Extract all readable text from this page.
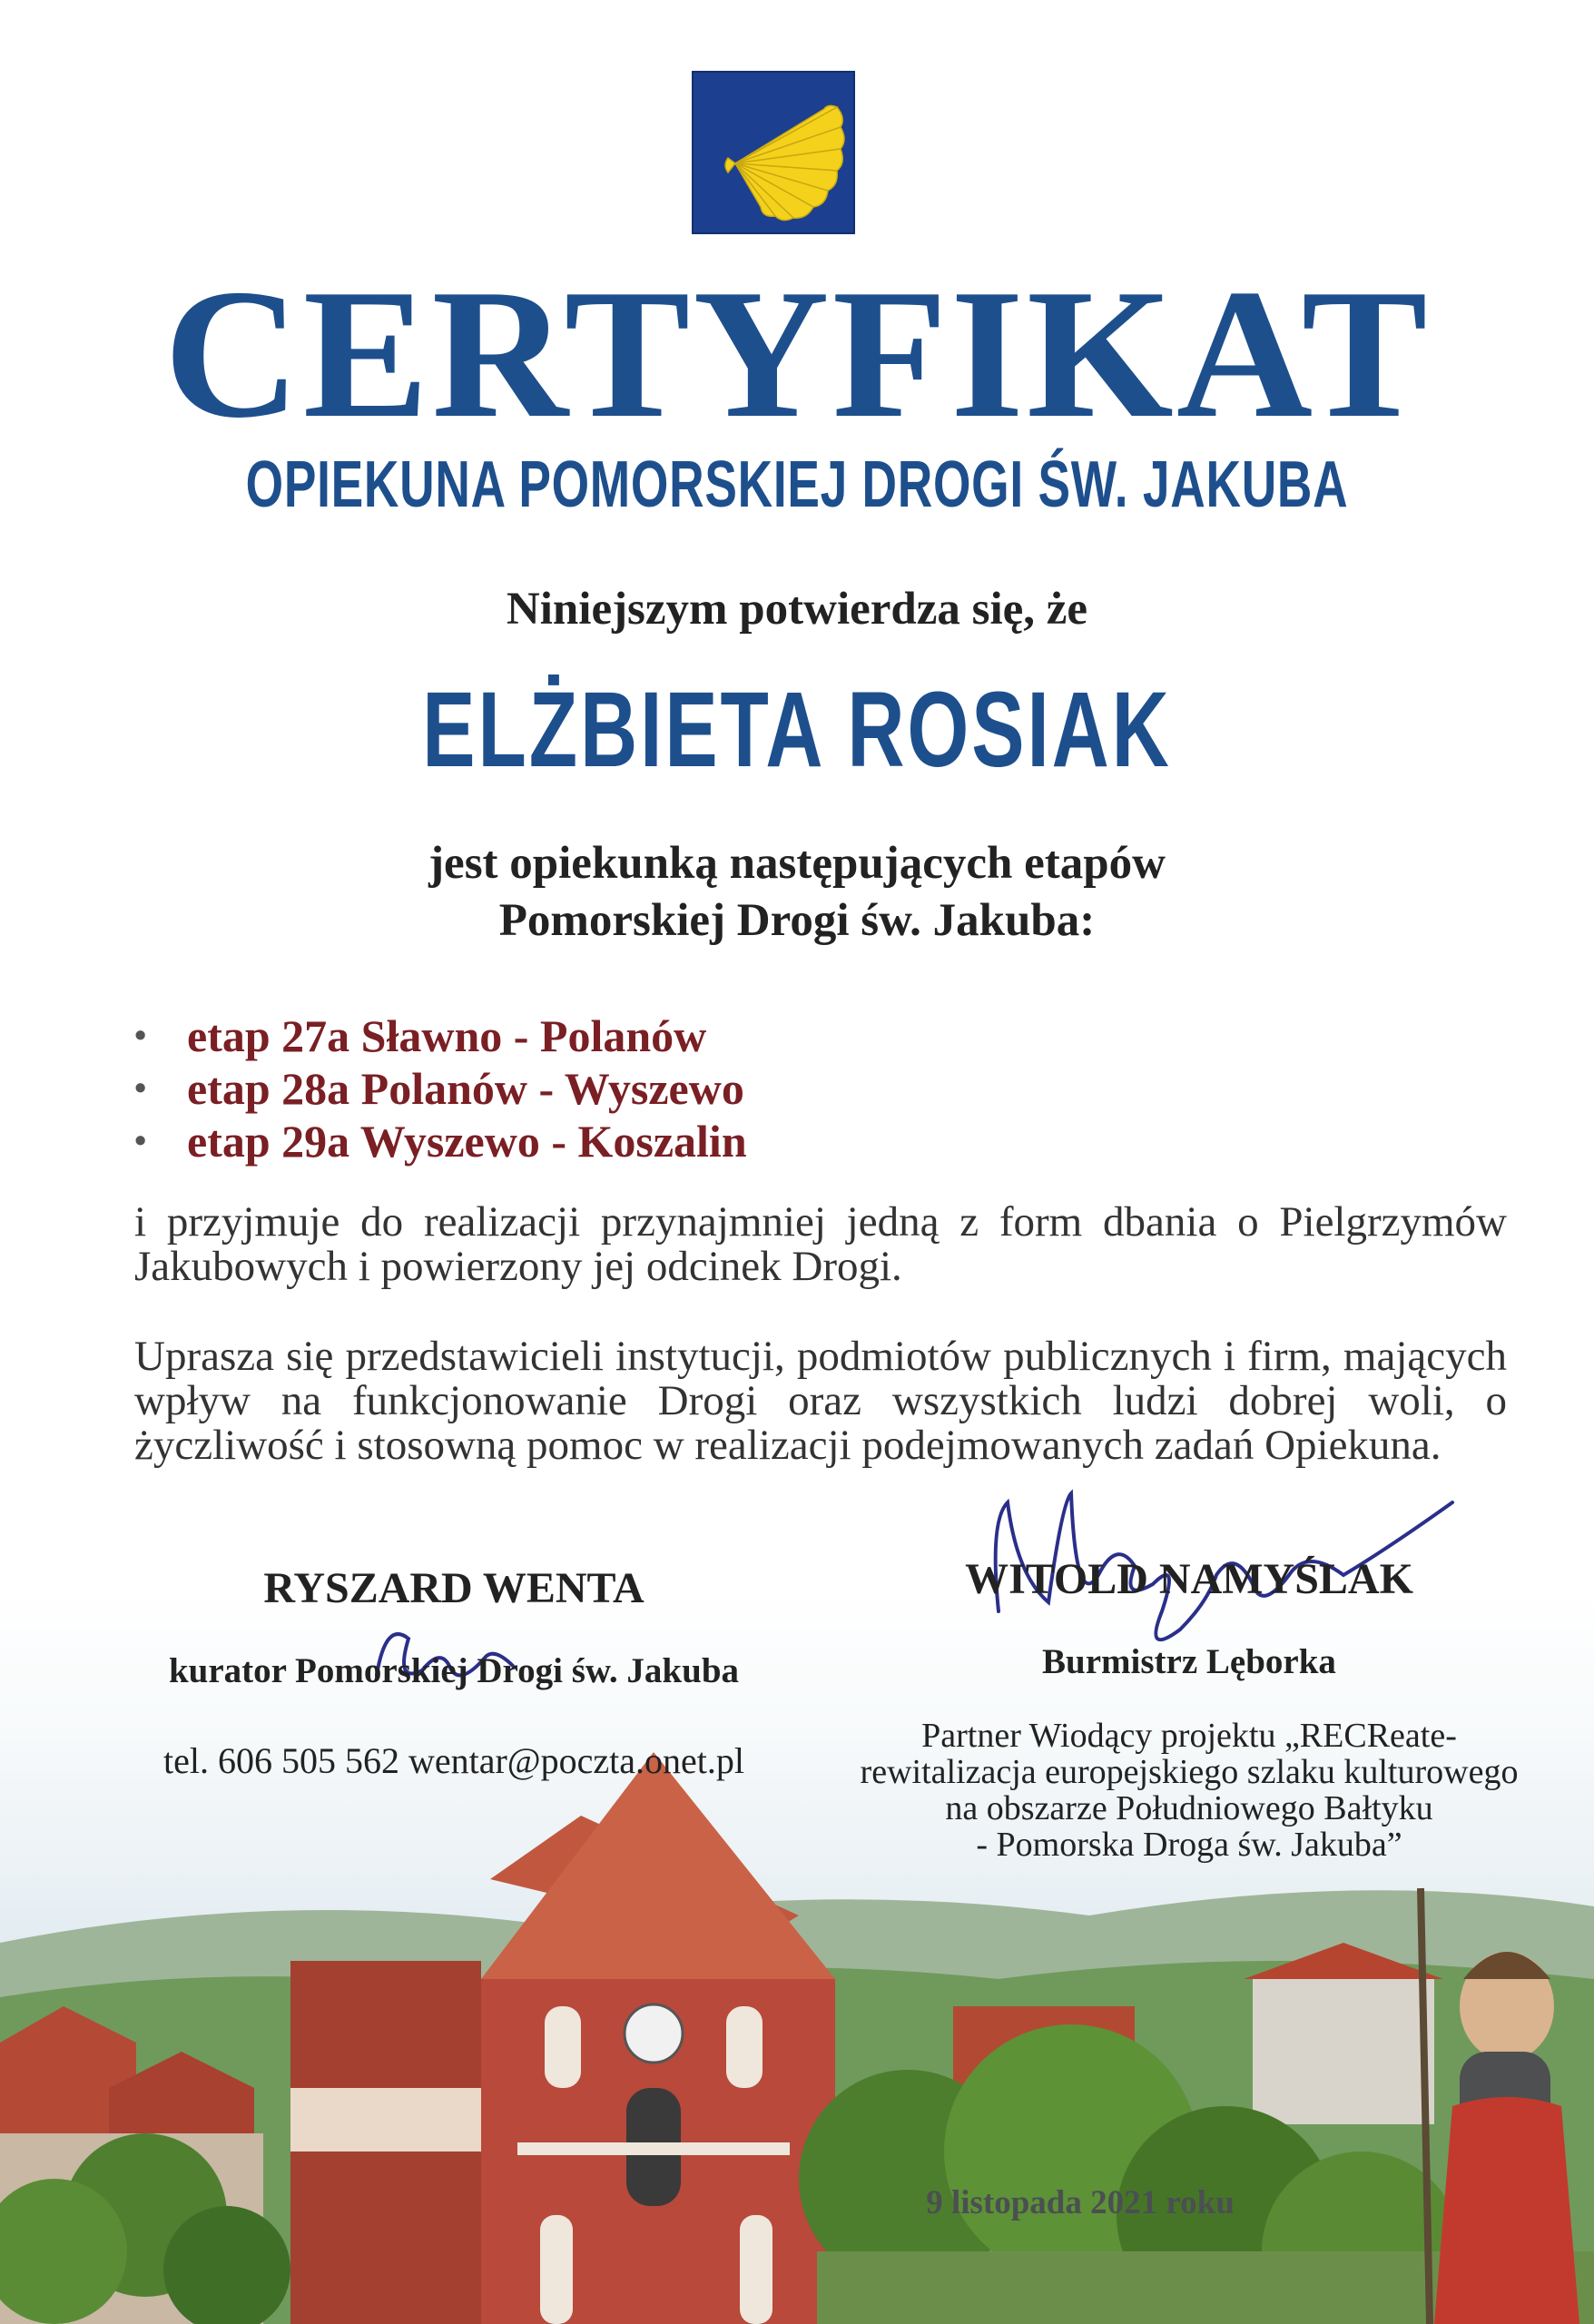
CERTYFIKAT
OPIEKUNA POMORSKIEJ DROGI ŚW. JAKUBA

Niniejszym potwierdza się, że

ELŻBIETA ROSIAK

jest opiekunką następujących etapów
Pomorskiej Drogi św. Jakuba:

• etap 27a Sławno - Polanów
• etap 28a Polanów - Wyszewo
• etap 29a Wyszewo - Koszalin

i przyjmuje do realizacji przynajmniej jedną z form dbania o Pielgrzymów Jakubowych i powierzony jej odcinek Drogi.

Uprasza się przedstawicieli instytucji, podmiotów publicznych i firm, mających wpływ na funkcjonowanie Drogi oraz wszystkich ludzi dobrej woli, o życzliwość i stosowną pomoc w realizacji podejmowanych zadań Opiekuna.

RYSZARD WENTA

kurator Pomorskiej Drogi św. Jakuba

tel. 606 505 562 wentar@poczta.onet.pl

WITOLD NAMYŚLAK

Burmistrz Lęborka

Partner Wiodący projektu „RECReate-
rewitalizacja europejskiego szlaku kulturowego
na obszarze Południowego Bałtyku
- Pomorska Droga św. Jakuba”

9 listopada 2021 roku
